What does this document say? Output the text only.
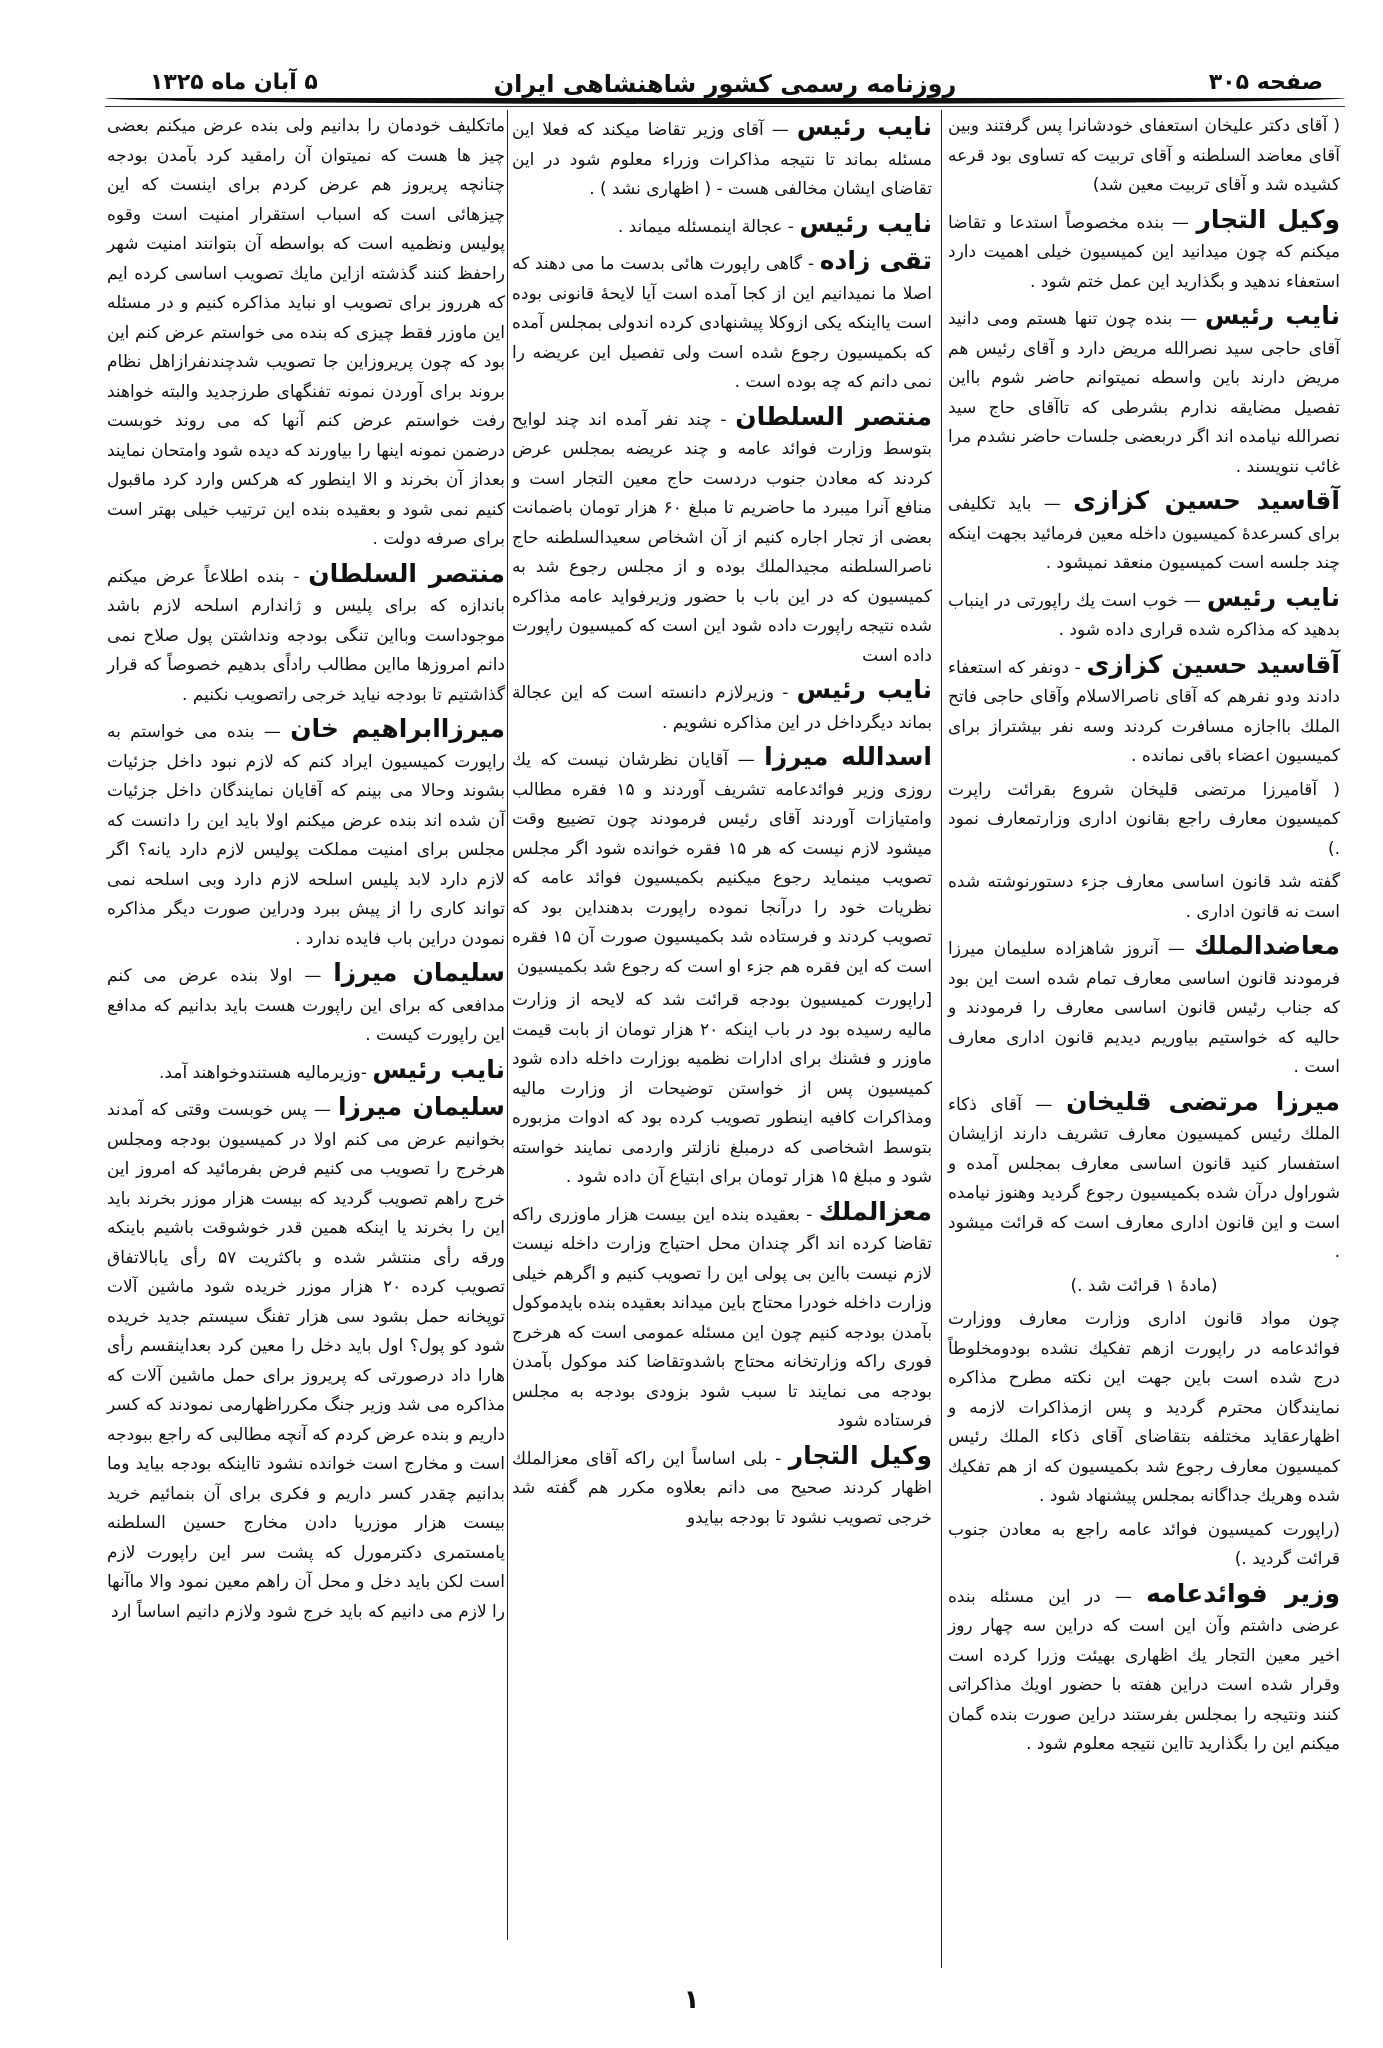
صفحه ۳۰۵
روزنامه رسمی کشور شاهنشاهی ایران
۵ آبان ماه ۱۳۲۵

( آقای دکتر علیخان استعفای خودشانرا پس گرفتند وبین آقای معاضد السلطنه و آقای تربیت که تساوی بود قرعه کشیده شد و آقای تربیت معین شد)

وکیل التجار — بنده مخصوصاً استدعا و تقاضا میکنم که چون میدانید این کمیسیون خیلی اهمیت دارد استعفاء ندهید و بگذارید این عمل ختم شود .

نایب رئیس — بنده چون تنها هستم ومی دانید آقای حاجی سید نصرالله مریض دارد و آقای رئیس هم مریض دارند باین واسطه نمیتوانم حاضر شوم بااین تفصیل مضایقه ندارم بشرطی که تاآقای حاج سید نصرالله نیامده اند اگر دربعضی جلسات حاضر نشدم مرا غائب ننویسند .

آقاسید حسین کزازی — باید تکلیفی برای کسرعدهٔ کمیسیون داخله معین فرمائید بجهت اینکه چند جلسه است کمیسیون منعقد نمیشود .

نایب رئیس — خوب است یك راپورتی در اینباب بدهید که مذاکره شده قراری داده شود .

آقاسید حسین کزازی - دونفر که استعفاء دادند ودو نفرهم که آقای ناصرالاسلام وآقای حاجی فاتح الملك بااجازه مسافرت کردند وسه نفر بیشتراز برای کمیسیون اعضاء باقی نمانده .

( آقامیرزا مرتضی قلیخان شروع بقرائت راپرت کمیسیون معارف راجع بقانون اداری وزارتمعارف نمود .)

گفته شد قانون اساسی معارف جزء دستورنوشته شده است نه قانون اداری .

معاضدالملك — آنروز شاهزاده سلیمان میرزا فرمودند قانون اساسی معارف تمام شده است این بود که جناب رئیس قانون اساسی معارف را فرمودند و حالیه که خواستیم بیاوریم دیدیم قانون اداری معارف است .

میرزا مرتضی قلیخان — آقای ذکاء الملك رئیس کمیسیون معارف تشریف دارند ازایشان استفسار کنید قانون اساسی معارف بمجلس آمده و شوراول درآن شده بکمیسیون رجوع گردید وهنوز نیامده است و این قانون اداری معارف است که قرائت میشود .

(مادهٔ ۱ قرائت شد .)

چون مواد قانون اداری وزارت معارف ووزارت فوائدعامه در راپورت ازهم تفکیك نشده بودومخلوطاً درج شده است باین جهت این نکته مطرح مذاکره نمایندگان محترم گردید و پس ازمذاکرات لازمه و اظهارعقاید مختلفه بتقاضای آقای ذکاء الملك رئیس کمیسیون معارف رجوع شد بکمیسیون که از هم تفکیك شده وهریك جداگانه بمجلس پیشنهاد شود .

(راپورت کمیسیون فوائد عامه راجع به معادن جنوب قرائت گردید .)

وزیر فوائدعامه — در این مسئله بنده عرضی داشتم وآن این است که دراین سه چهار روز اخیر معین التجار یك اظهاری بهیئت وزرا کرده است وقرار شده است دراین هفته با حضور اویك مذاکراتی کنند ونتیجه را بمجلس بفرستند دراین صورت بنده گمان میکنم این را بگذارید تااین نتیجه معلوم شود .

نایب رئیس — آقای وزیر تقاضا میکند که فعلا این مسئله بماند تا نتیجه مذاکرات وزراء معلوم شود در این تقاضای ایشان مخالفی هست - ( اظهاری نشد ) .

نایب رئیس - عجالة اینمسئله میماند .

تقی زاده - گاهی راپورت هائی بدست ما می دهند که اصلا ما نمیدانیم این از کجا آمده است آیا لایحهٔ قانونی بوده است یااینکه یکی ازوکلا پیشنهادی کرده اندولی بمجلس آمده که بکمیسیون رجوع شده است ولی تفصیل این عریضه را نمی دانم که چه بوده است .

منتصر السلطان - چند نفر آمده اند چند لوایح بتوسط وزارت فوائد عامه و چند عریضه بمجلس عرض کردند که معادن جنوب دردست حاج معین التجار است و منافع آنرا میبرد ما حاضریم تا مبلغ ۶۰ هزار تومان باضمانت بعضی از تجار اجاره کنیم از آن اشخاص سعیدالسلطنه حاج ناصرالسلطنه مجیدالملك بوده و از مجلس رجوع شد به کمیسیون که در این باب با حضور وزیرفواید عامه مذاکره شده نتیجه راپورت داده شود این است که کمیسیون راپورت داده است

نایب رئیس - وزیرلازم دانسته است که این عجالة بماند دیگرداخل در این مذاکره نشویم .

اسدالله میرزا — آقایان نظرشان نیست که یك روزی وزیر فوائدعامه تشریف آوردند و ۱۵ فقره مطالب وامتیازات آوردند آقای رئیس فرمودند چون تضییع وقت میشود لازم نیست که هر ۱۵ فقره خوانده شود اگر مجلس تصویب مینماید رجوع میکنیم بکمیسیون فوائد عامه که نظریات خود را درآنجا نموده راپورت بدهنداین بود که تصویب کردند و فرستاده شد بکمیسیون صورت آن ۱۵ فقره است که این فقره هم جزء او است که رجوع شد بکمیسیون

[راپورت کمیسیون بودجه قرائت شد که لایحه از وزارت مالیه رسیده بود در باب اینکه ۲۰ هزار تومان از بابت قیمت ماوزر و فشنك برای ادارات نظمیه بوزارت داخله داده شود کمیسیون پس از خواستن توضیحات از وزارت مالیه ومذاکرات کافیه اینطور تصویب کرده بود که ادوات مزبوره بتوسط اشخاصی که درمبلغ نازلتر واردمی نمایند خواسته شود و مبلغ ۱۵ هزار تومان برای ابتیاع آن داده شود .

معزالملك - بعقیده بنده این بیست هزار ماوزری راکه تقاضا کرده اند اگر چندان محل احتیاج وزارت داخله نیست لازم نیست بااین بی پولی این را تصویب کنیم و اگرهم خیلی وزارت داخله خودرا محتاج باین میداند بعقیده بنده بایدموکول بآمدن بودجه کنیم چون این مسئله عمومی است که هرخرج فوری راکه وزارتخانه محتاج باشدوتقاضا کند موکول بآمدن بودجه می نمایند تا سبب شود بزودی بودجه به مجلس فرستاده شود

وکیل التجار - بلی اساساً این راکه آقای معزالملك اظهار کردند صحیح می دانم بعلاوه مکرر هم گفته شد خرجی تصویب نشود تا بودجه بیایدو

ماتکلیف خودمان را بدانیم ولی بنده عرض میکنم بعضی چیز ها هست که نمیتوان آن رامقید کرد بآمدن بودجه چنانچه پریروز هم عرض کردم برای اینست که این چیزهائی است که اسباب استقرار امنیت است وقوه پولیس ونظمیه است که بواسطه آن بتوانند امنیت شهر راحفظ کنند گذشته ازاین مایك تصویب اساسی کرده ایم که هرروز برای تصویب او نباید مذاکره کنیم و در مسئله این ماوزر فقط چیزی که بنده می خواستم عرض کنم این بود که چون پریروزاین جا تصویب شدچندنفرازاهل نظام بروند برای آوردن نمونه تفنگهای طرزجدید والبته خواهند رفت خواستم عرض کنم آنها که می روند خوبست درضمن نمونه اینها را بیاورند که دیده شود وامتحان نمایند بعداز آن بخرند و الا اینطور که هرکس وارد کرد ماقبول کنیم نمی شود و بعقیده بنده این ترتیب خیلی بهتر است برای صرفه دولت .

منتصر السلطان - بنده اطلاعاً عرض میکنم باندازه که برای پلیس و ژاندارم اسلحه لازم باشد موجوداست وبااین تنگی بودجه ونداشتن پول صلاح نمی دانم امروزها مااین مطالب راداًی بدهیم خصوصاً که قرار گذاشتیم تا بودجه نیاید خرجی راتصویب نکنیم .

میرزاابراهیم خان — بنده می خواستم به راپورت کمیسیون ایراد کنم که لازم نبود داخل جزئیات بشوند وحالا می بینم که آقایان نمایندگان داخل جزئیات آن شده اند بنده عرض میکنم اولا باید این را دانست که مجلس برای امنیت مملکت پولیس لازم دارد یانه؟ اگر لازم دارد لابد پلیس اسلحه لازم دارد وبی اسلحه نمی تواند کاری را از پیش ببرد ودراین صورت دیگر مذاکره نمودن دراین باب فایده ندارد .

سلیمان میرزا — اولا بنده عرض می کنم مدافعی که برای این راپورت هست باید بدانیم که مدافع این راپورت کیست .

نایب رئیس -وزیرمالیه هستندوخواهند آمد.

سلیمان میرزا — پس خوبست وقتی که آمدند بخوانیم عرض می کنم اولا در کمیسیون بودجه ومجلس هرخرج را تصویب می کنیم فرض بفرمائید که امروز این خرج راهم تصویب گردید که بیست هزار موزر بخرند باید این را بخرند یا اینکه همین قدر خوشوقت باشیم باینکه ورقه رأی منتشر شده و باکثریت ۵۷ رأی یابالاتفاق تصویب کرده ۲۰ هزار موزر خریده شود ماشین آلات توپخانه حمل بشود سی هزار تفنگ سیستم جدید خریده شود کو پول؟ اول باید دخل را معین کرد بعداینقسم رأی هارا داد درصورتی که پریروز برای حمل ماشین آلات که مذاکره می شد وزیر جنگ مکرراظهارمی نمودند که کسر داریم و بنده عرض کردم که آنچه مطالبی که راجع ببودجه است و مخارج است خوانده نشود تااینکه بودجه بیاید وما بدانیم چقدر کسر داریم و فکری برای آن بنمائیم خرید بیست هزار موزریا دادن مخارج حسین السلطنه یامستمری دکترمورل که پشت سر این راپورت لازم است لکن باید دخل و محل آن راهم معین نمود والا ماآنها را لازم می دانیم که باید خرج شود ولازم دانیم اساساً ارد

۱
